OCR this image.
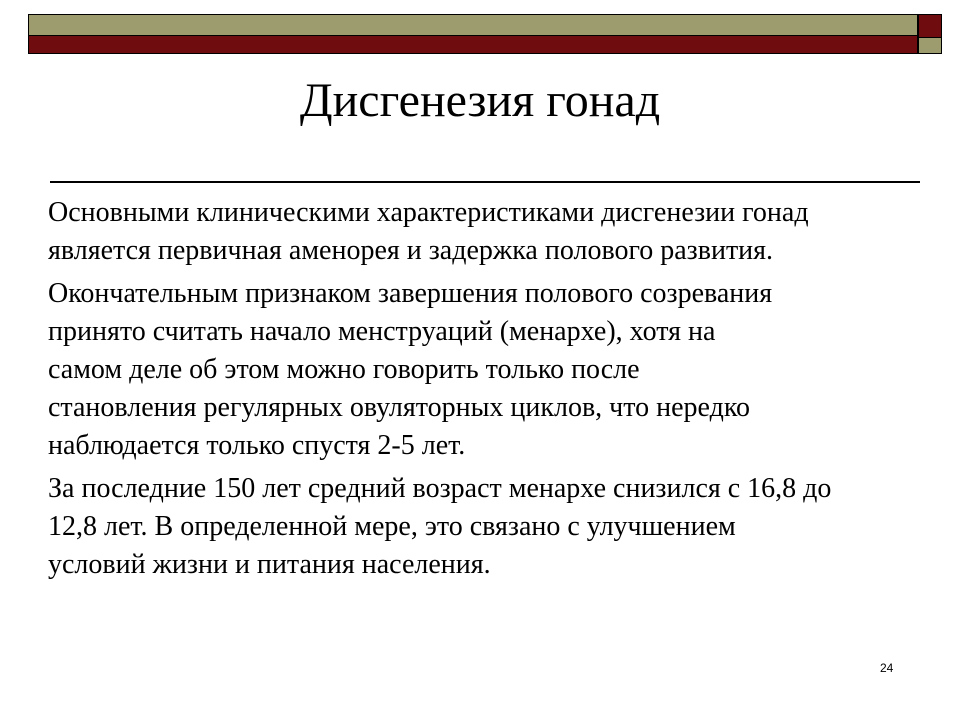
Дисгенезия гонад

Основными клиническими характеристиками дисгенезии гонад
является первичная аменорея и задержка полового развития.

Окончательным признаком завершения полового созревания
принято считать начало менструаций (менархе), хотя на
самом деле об этом можно говорить только после
становления регулярных овуляторных циклов, что нередко
наблюдается только спустя 2-5 лет.

За последние 150 лет средний возраст менархе снизился с 16,8 до
12,8 лет. В определенной мере, это связано с улучшением
условий жизни и питания населения.

24
